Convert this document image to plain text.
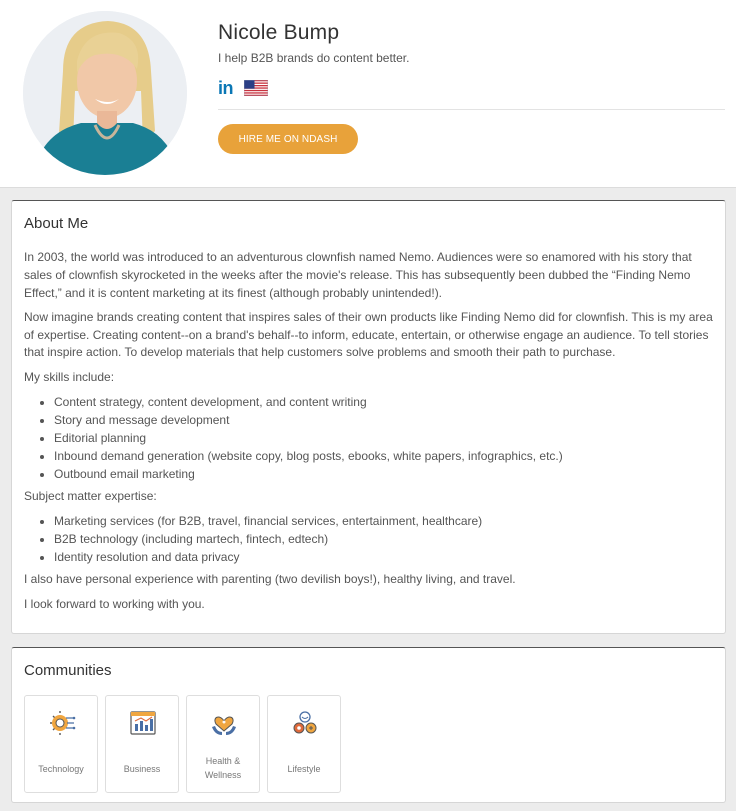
Nicole Bump
I help B2B brands do content better.
in
HIRE ME ON NDASH
About Me

In 2003, the world was introduced to an adventurous clownfish named Nemo. Audiences were so enamored with his story that sales of clownfish skyrocketed in the weeks after the movie's release. This has subsequently been dubbed the “Finding Nemo Effect,” and it is content marketing at its finest (although probably unintended!).

Now imagine brands creating content that inspires sales of their own products like Finding Nemo did for clownfish. This is my area of expertise. Creating content--on a brand's behalf--to inform, educate, entertain, or otherwise engage an audience. To tell stories that inspire action. To develop materials that help customers solve problems and smooth their path to purchase.

My skills include:

• Content strategy, content development, and content writing
• Story and message development
• Editorial planning
• Inbound demand generation (website copy, blog posts, ebooks, white papers, infographics, etc.)
• Outbound email marketing

Subject matter expertise:

• Marketing services (for B2B, travel, financial services, entertainment, healthcare)
• B2B technology (including martech, fintech, edtech)
• Identity resolution and data privacy

I also have personal experience with parenting (two devilish boys!), healthy living, and travel.

I look forward to working with you.

Communities
Technology	Business
Health & Wellness
Lifestyle
